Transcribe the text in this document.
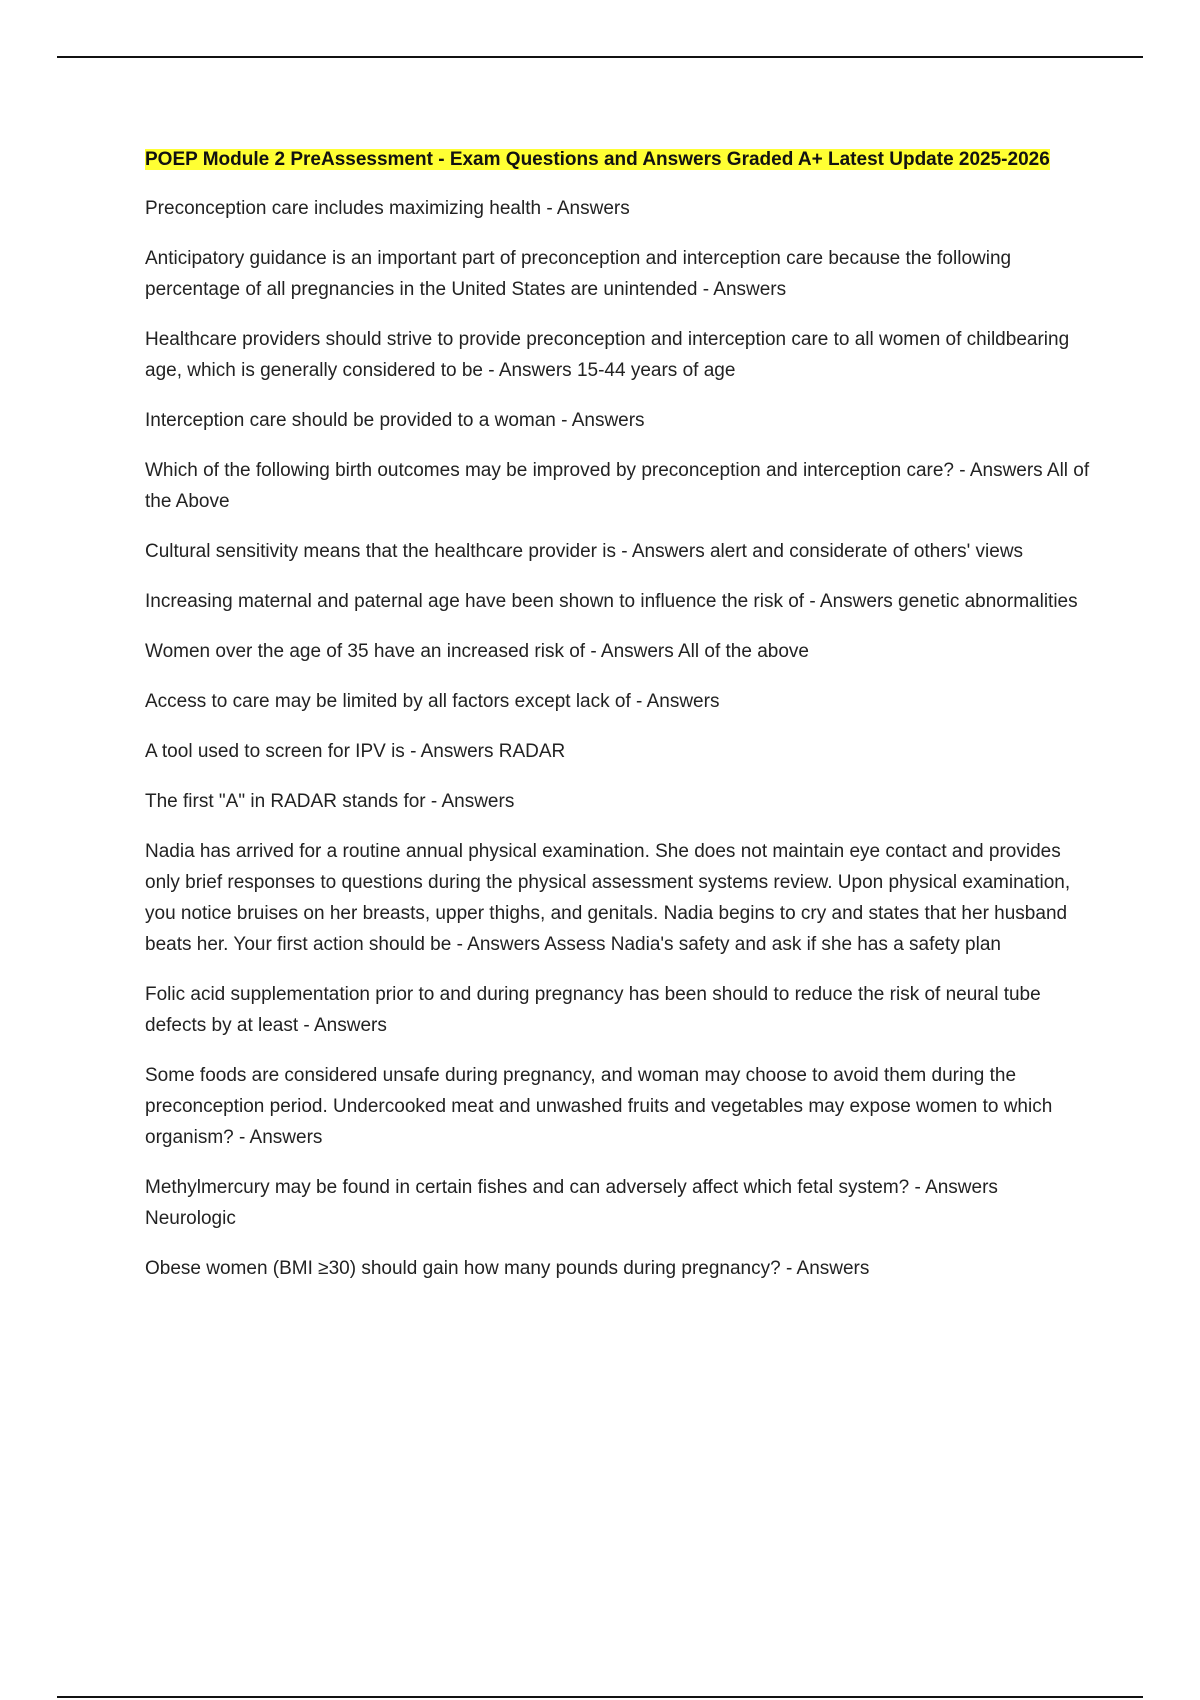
POEP Module 2 PreAssessment - Exam Questions and Answers Graded A+ Latest Update 2025-2026

Preconception care includes maximizing health - Answers

Anticipatory guidance is an important part of preconception and interception care because the following percentage of all pregnancies in the United States are unintended - Answers

Healthcare providers should strive to provide preconception and interception care to all women of childbearing age, which is generally considered to be - Answers 15-44 years of age

Interception care should be provided to a woman - Answers

Which of the following birth outcomes may be improved by preconception and interception care? - Answers All of the Above

Cultural sensitivity means that the healthcare provider is - Answers alert and considerate of others' views

Increasing maternal and paternal age have been shown to influence the risk of - Answers genetic abnormalities

Women over the age of 35 have an increased risk of - Answers All of the above

Access to care may be limited by all factors except lack of - Answers

A tool used to screen for IPV is - Answers RADAR

The first "A" in RADAR stands for - Answers

Nadia has arrived for a routine annual physical examination. She does not maintain eye contact and provides only brief responses to questions during the physical assessment systems review. Upon physical examination, you notice bruises on her breasts, upper thighs, and genitals. Nadia begins to cry and states that her husband beats her. Your first action should be - Answers Assess Nadia's safety and ask if she has a safety plan

Folic acid supplementation prior to and during pregnancy has been should to reduce the risk of neural tube defects by at least - Answers

Some foods are considered unsafe during pregnancy, and woman may choose to avoid them during the preconception period. Undercooked meat and unwashed fruits and vegetables may expose women to which organism? - Answers

Methylmercury may be found in certain fishes and can adversely affect which fetal system? - Answers Neurologic

Obese women (BMI ≥30) should gain how many pounds during pregnancy? - Answers
